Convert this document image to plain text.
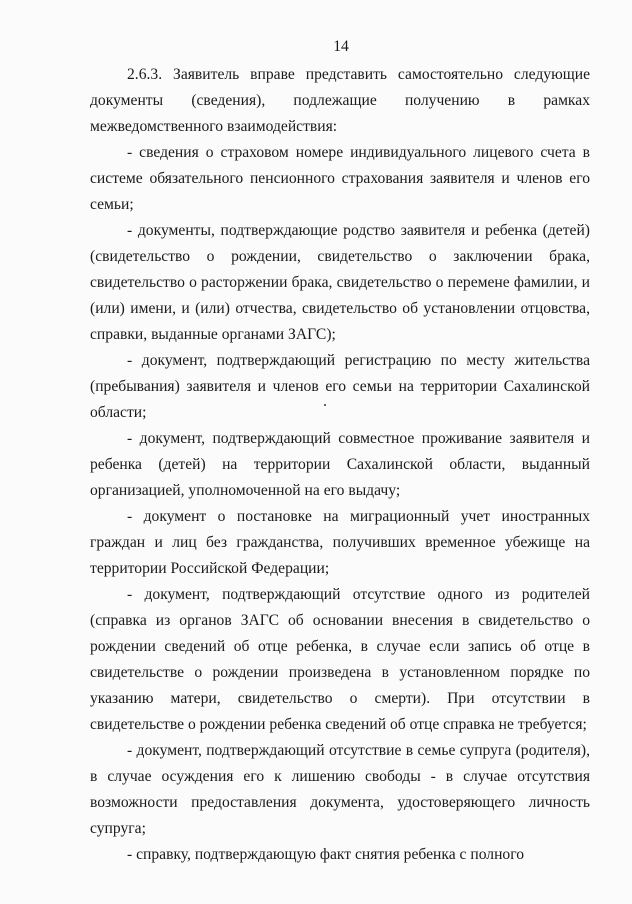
14

2.6.3. Заявитель вправе представить самостоятельно следующие документы (сведения), подлежащие получению в рамках межведомственного взаимодействия:

- сведения о страховом номере индивидуального лицевого счета в системе обязательного пенсионного страхования заявителя и членов его семьи;

- документы, подтверждающие родство заявителя и ребенка (детей) (свидетельство о рождении, свидетельство о заключении брака, свидетельство о расторжении брака, свидетельство о перемене фамилии, и (или) имени, и (или) отчества, свидетельство об установлении отцовства, справки, выданные органами ЗАГС);

- документ, подтверждающий регистрацию по месту жительства (пребывания) заявителя и членов его семьи на территории Сахалинской области;

- документ, подтверждающий совместное проживание заявителя и ребенка (детей) на территории Сахалинской области, выданный организацией, уполномоченной на его выдачу;

- документ о постановке на миграционный учет иностранных граждан и лиц без гражданства, получивших временное убежище на территории Российской Федерации;

- документ, подтверждающий отсутствие одного из родителей (справка из органов ЗАГС об основании внесения в свидетельство о рождении сведений об отце ребенка, в случае если запись об отце в свидетельстве о рождении произведена в установленном порядке по указанию матери, свидетельство о смерти). При отсутствии в свидетельстве о рождении ребенка сведений об отце справка не требуется;

- документ, подтверждающий отсутствие в семье супруга (родителя), в случае осуждения его к лишению свободы - в случае отсутствия возможности предоставления документа, удостоверяющего личность супруга;

- справку, подтверждающую факт снятия ребенка с полного
